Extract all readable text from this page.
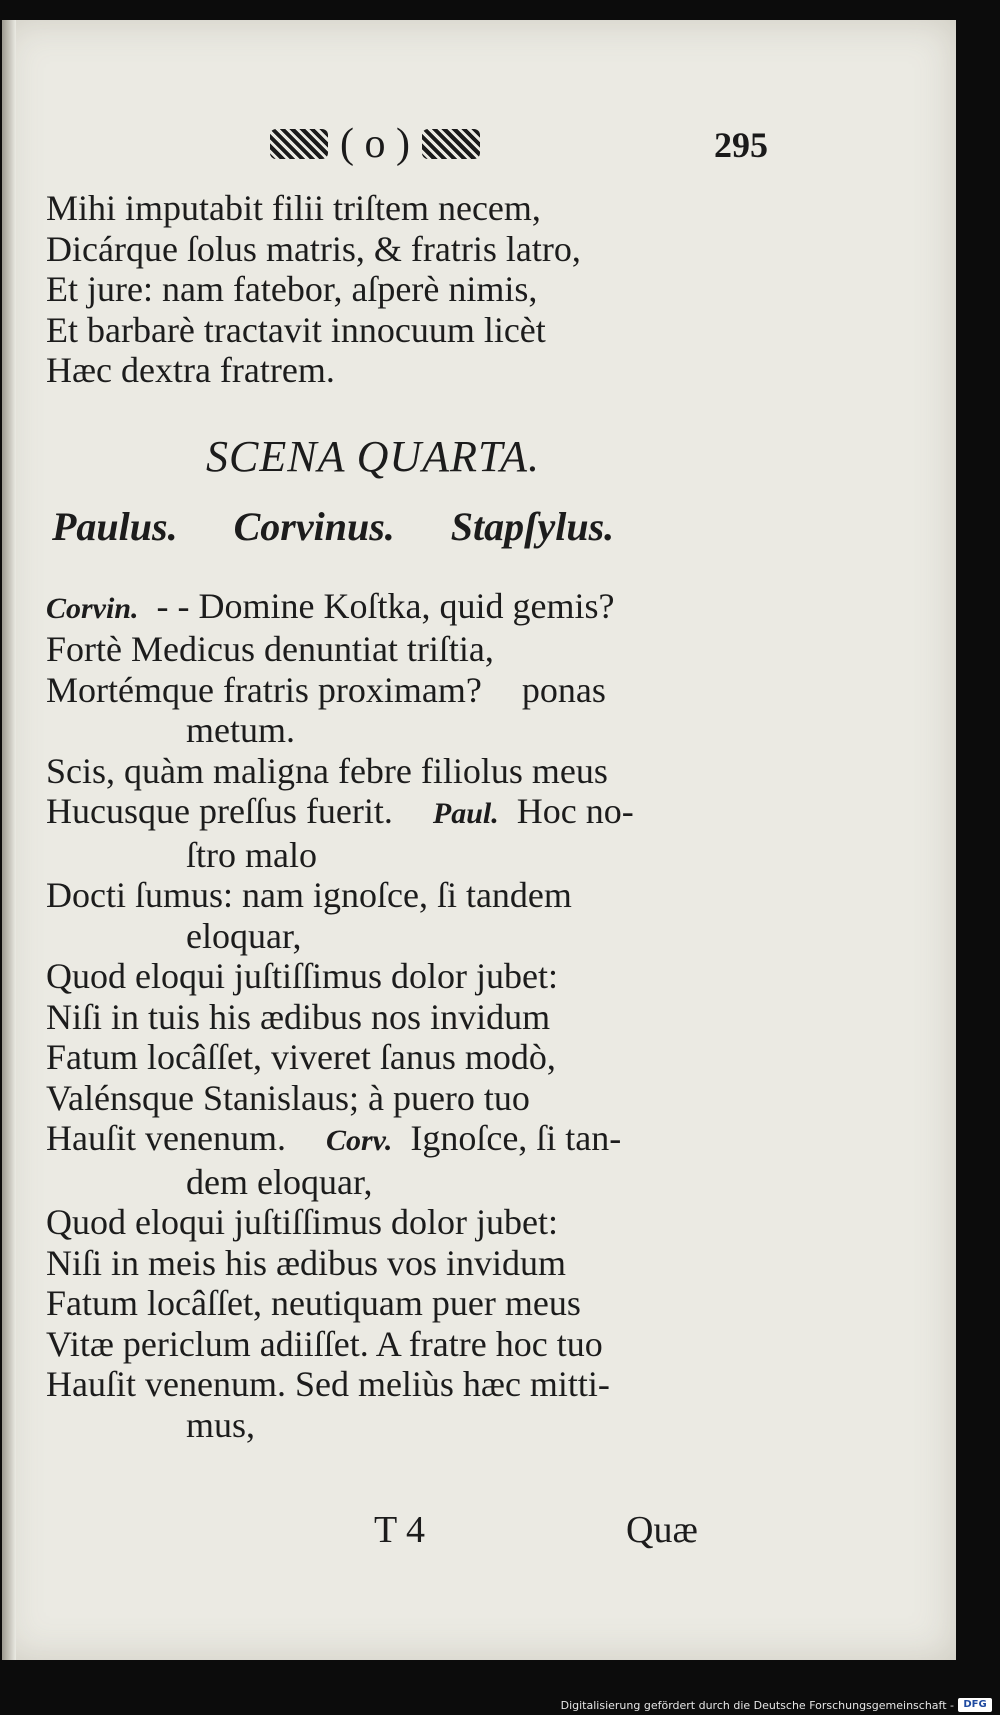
( o )	295
Mihi imputabit filii triſtem necem,
Dicárque ſolus matris, & fratris latro,
Et jure: nam fatebor, aſperè nimis,
Et barbarè tractavit innocuum licèt
Hæc dextra fratrem.
SCENA QUARTA.
Paulus. Corvinus. Stapſylus.
Corvin. - - Domine Koſtka, quid gemis?
Fortè Medicus denuntiat triſtia,
Mortémque fratris proximam? ponas
metum.
Scis, quàm maligna febre filiolus meus
Hucusque preſſus fuerit. Paul. Hoc no-
ſtro malo
Docti ſumus: nam ignoſce, ſi tandem
eloquar,
Quod eloqui juſtiſſimus dolor jubet:
Niſi in tuis his ædibus nos invidum
Fatum locâſſet, viveret ſanus modò,
Valénsque Stanislaus; à puero tuo
Hauſit venenum. Corv. Ignoſce, ſi tan-
dem eloquar,
Quod eloqui juſtiſſimus dolor jubet:
Niſi in meis his ædibus vos invidum
Fatum locâſſet, neutiquam puer meus
Vitæ periclum adiiſſet. A fratre hoc tuo
Hauſit venenum. Sed meliùs hæc mitti-
mus,
T 4	Quæ
Digitalisierung gefördert durch die Deutsche Forschungsgemeinschaft - DFG
